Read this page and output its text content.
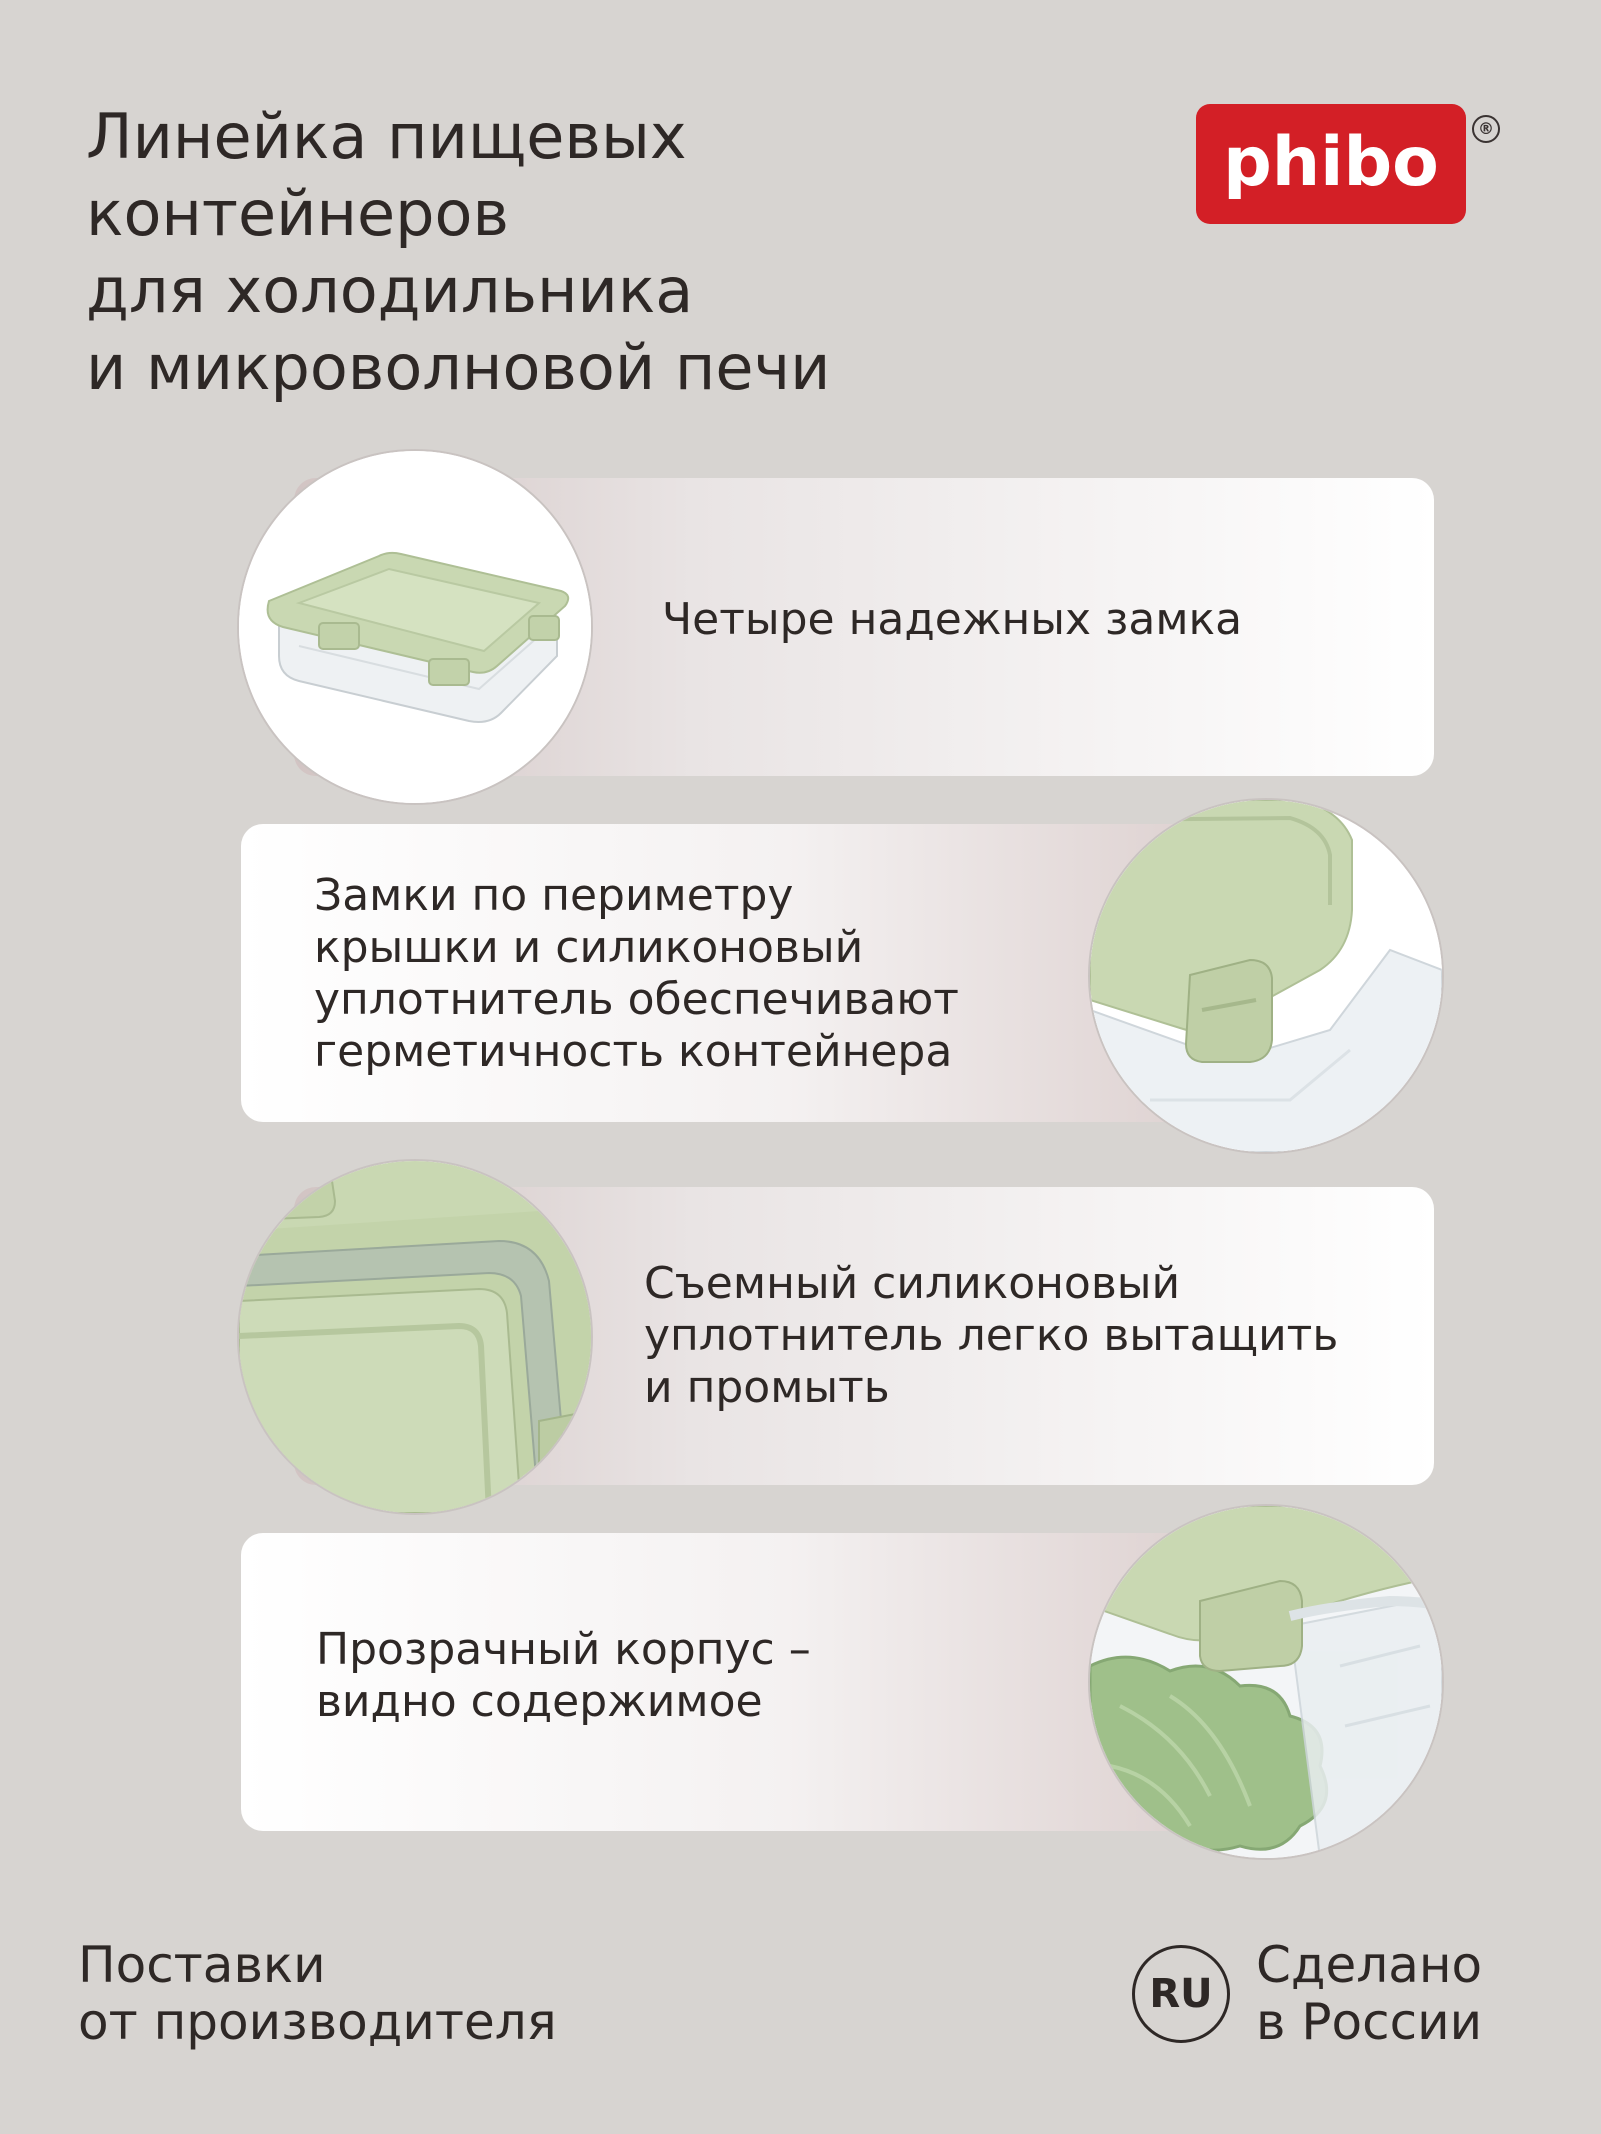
Линейка пищевых
контейнеров
для холодильника
и микроволновой печи
phibo	®
Четыре надежных замка
Замки по периметру
крышки и силиконовый
уплотнитель обеспечивают
герметичность контейнера
Съемный силиконовый
уплотнитель легко вытащить
и промыть
Прозрачный корпус –
видно содержимое
Поставки
от производителя	RU Сделано
в России
